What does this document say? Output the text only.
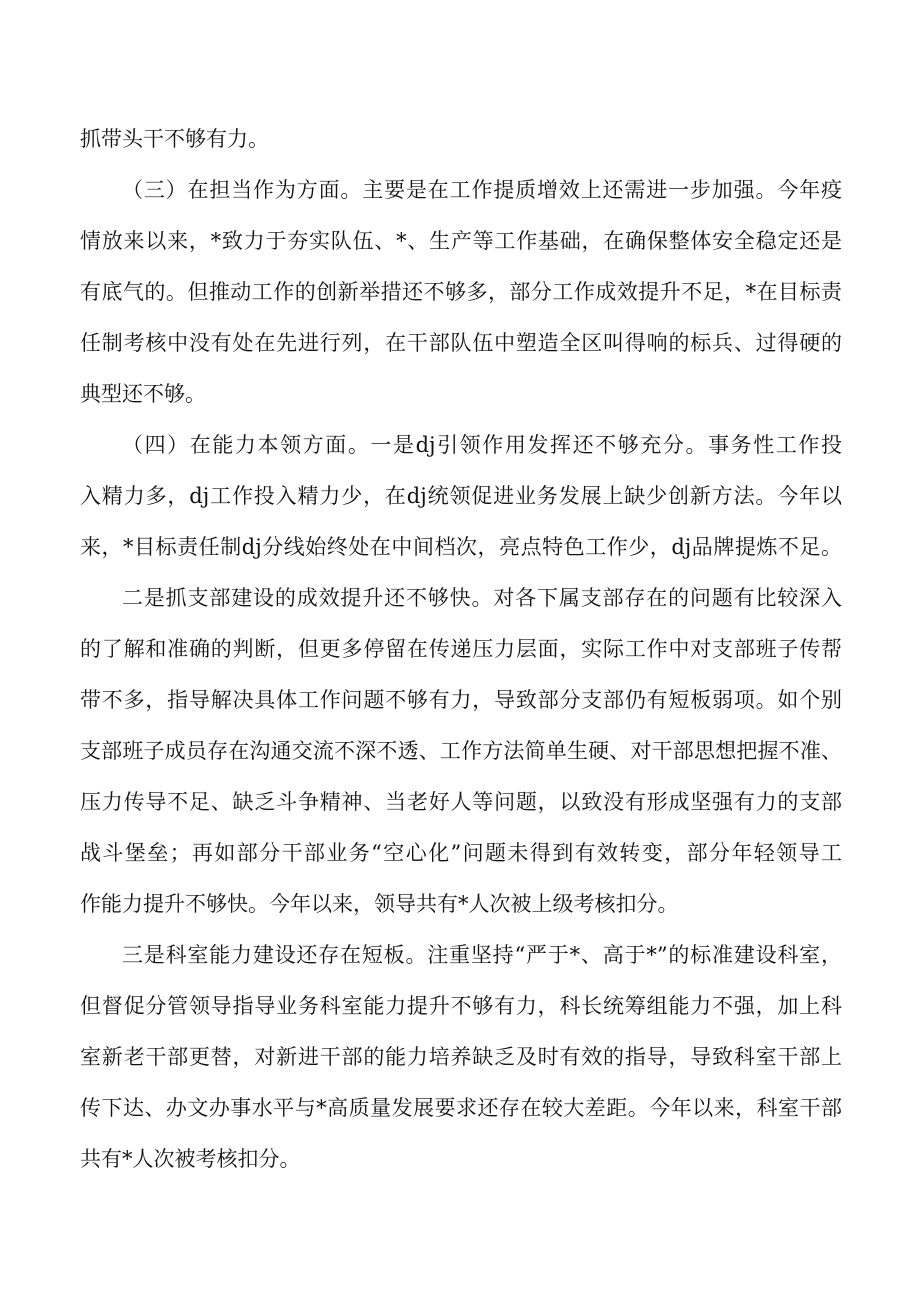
抓带头干不够有力。
（三）在担当作为方面。主要是在工作提质增效上还需进一步加强。今年疫
情放来以来，*致力于夯实队伍、*、生产等工作基础，在确保整体安全稳定还是
有底气的。但推动工作的创新举措还不够多，部分工作成效提升不足，*在目标责
任制考核中没有处在先进行列，在干部队伍中塑造全区叫得响的标兵、过得硬的
典型还不够。
（四）在能力本领方面。一是dj引领作用发挥还不够充分。事务性工作投
入精力多，dj工作投入精力少，在dj统领促进业务发展上缺少创新方法。今年以
来，*目标责任制dj分线始终处在中间档次，亮点特色工作少，dj品牌提炼不足。
二是抓支部建设的成效提升还不够快。对各下属支部存在的问题有比较深入
的了解和准确的判断，但更多停留在传递压力层面，实际工作中对支部班子传帮
带不多，指导解决具体工作问题不够有力，导致部分支部仍有短板弱项。如个别
支部班子成员存在沟通交流不深不透、工作方法简单生硬、对干部思想把握不准、
压力传导不足、缺乏斗争精神、当老好人等问题，以致没有形成坚强有力的支部
战斗堡垒；再如部分干部业务“空心化”问题未得到有效转变，部分年轻领导工
作能力提升不够快。今年以来，领导共有*人次被上级考核扣分。
三是科室能力建设还存在短板。注重坚持“严于*、高于*”的标准建设科室，
但督促分管领导指导业务科室能力提升不够有力，科长统筹组能力不强，加上科
室新老干部更替，对新进干部的能力培养缺乏及时有效的指导，导致科室干部上
传下达、办文办事水平与*高质量发展要求还存在较大差距。今年以来，科室干部
共有*人次被考核扣分。
